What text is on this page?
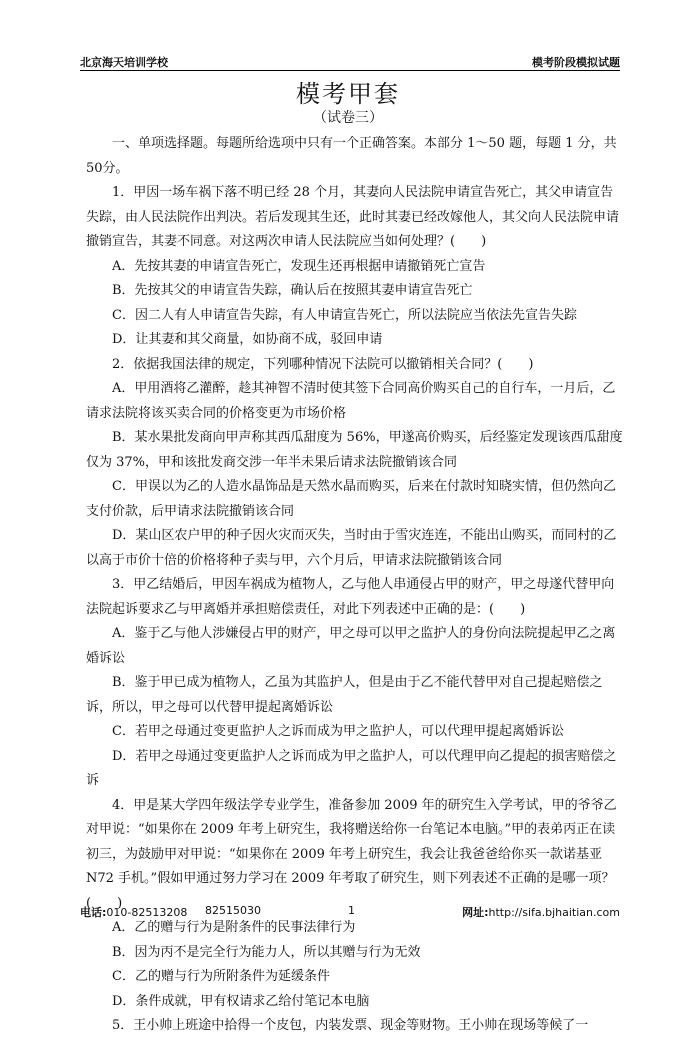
北京海天培训学校	模考阶段模拟试题
模考甲套
（试卷三）

一、单项选择题。每题所给选项中只有一个正确答案。本部分 1～50 题，每题 1 分，共50分。

1．甲因一场车祸下落不明已经 28 个月，其妻向人民法院申请宣告死亡，其父申请宣告失踪，由人民法院作出判决。若后发现其生还，此时其妻已经改嫁他人，其父向人民法院申请撤销宣告，其妻不同意。对这两次申请人民法院应当如何处理？(　　)

A．先按其妻的申请宣告死亡，发现生还再根据申请撤销死亡宣告

B．先按其父的申请宣告失踪，确认后在按照其妻申请宣告死亡

C．因二人有人申请宣告失踪，有人申请宣告死亡，所以法院应当依法先宣告失踪

D．让其妻和其父商量，如协商不成，驳回申请

2．依据我国法律的规定，下列哪种情况下法院可以撤销相关合同？(　　)

A．甲用酒将乙灌醉，趁其神智不清时使其签下合同高价购买自己的自行车，一月后，乙请求法院将该买卖合同的价格变更为市场价格

B．某水果批发商向甲声称其西瓜甜度为 56%，甲遂高价购买，后经鉴定发现该西瓜甜度仅为 37%，甲和该批发商交涉一年半未果后请求法院撤销该合同

C．甲误以为乙的人造水晶饰品是天然水晶而购买，后来在付款时知晓实情，但仍然向乙支付价款，后甲请求法院撤销该合同

D．某山区农户甲的种子因火灾而灭失，当时由于雪灾连连，不能出山购买，而同村的乙以高于市价十倍的价格将种子卖与甲，六个月后，甲请求法院撤销该合同

3．甲乙结婚后，甲因车祸成为植物人，乙与他人串通侵占甲的财产，甲之母遂代替甲向法院起诉要求乙与甲离婚并承担赔偿责任，对此下列表述中正确的是：(　　)

A．鉴于乙与他人涉嫌侵占甲的财产，甲之母可以甲之监护人的身份向法院提起甲乙之离婚诉讼

B．鉴于甲已成为植物人，乙虽为其监护人，但是由于乙不能代替甲对自己提起赔偿之诉，所以，甲之母可以代替甲提起离婚诉讼

C．若甲之母通过变更监护人之诉而成为甲之监护人，可以代理甲提起离婚诉讼

D．若甲之母通过变更监护人之诉而成为甲之监护人，可以代理甲向乙提起的损害赔偿之诉

4．甲是某大学四年级法学专业学生，准备参加 2009 年的研究生入学考试，甲的爷爷乙对甲说：“如果你在 2009 年考上研究生，我将赠送给你一台笔记本电脑。”甲的表弟丙正在读初三，为鼓励甲对甲说：“如果你在 2009 年考上研究生，我会让我爸爸给你买一款诺基亚 N72 手机。”假如甲通过努力学习在 2009 年考取了研究生，则下列表述不正确的是哪一项？(　　)

A．乙的赠与行为是附条件的民事法律行为

B．因为丙不是完全行为能力人，所以其赠与行为无效

C．乙的赠与行为所附条件为延缓条件

D．条件成就，甲有权请求乙给付笔记本电脑

5．王小帅上班途中拾得一个皮包，内装发票、现金等财物。王小帅在现场等候了一

电话:010-82513208 82515030	1	网址:http://sifa.bjhaitian.com
